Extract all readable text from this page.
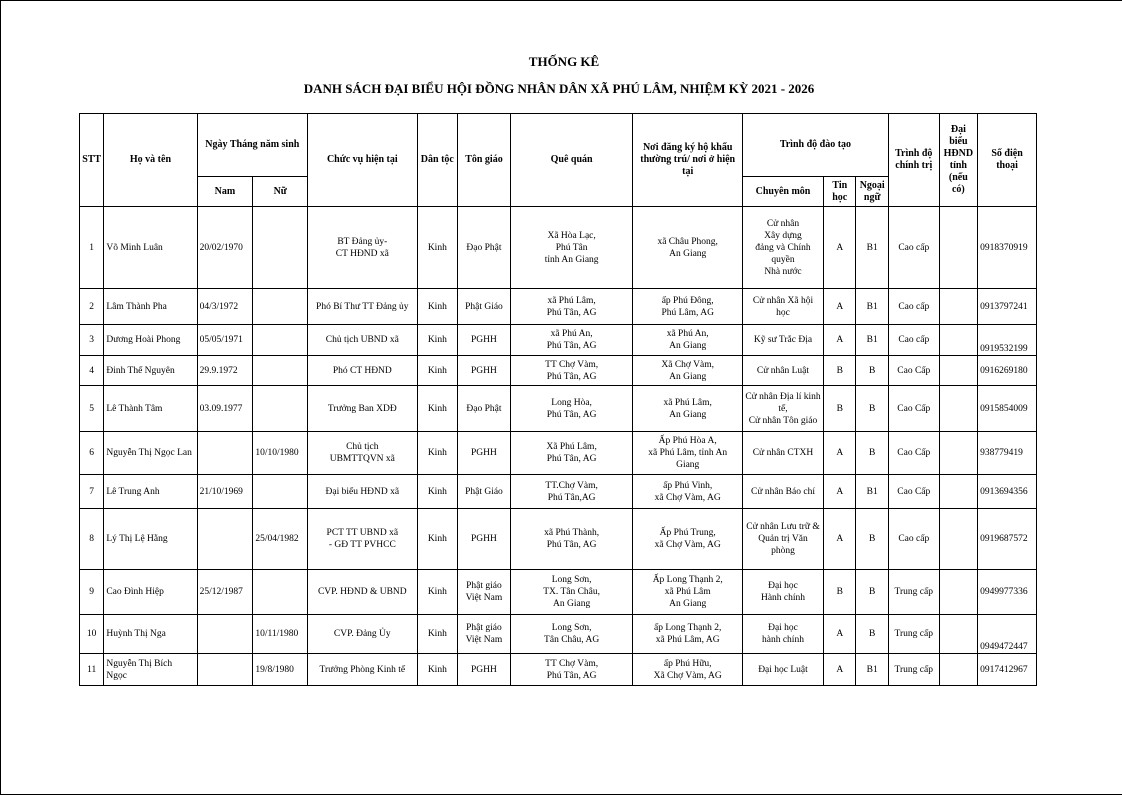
THỐNG KÊ
DANH SÁCH ĐẠI BIỂU HỘI ĐỒNG NHÂN DÂN XÃ PHÚ LÂM, NHIỆM KỲ 2021 - 2026
STT	Họ và tên	Ngày Tháng năm sinh		Chức vụ hiện tại	Dân tộc	Tôn giáo	Quê quán	Nơi đăng ký hộ khẩu thường trú/ nơi ở hiện tại	Trình độ đào tạo			Trình độ chính trị	Đại biểu HĐND tỉnh (nếu có)	Số điện thoại
		Nam	Nữ						Chuyên môn	Tin học	Ngoại ngữ			
1	Võ Minh Luân	20/02/1970		BT Đảng ủy-
CT HĐND xã	Kinh	Đạo Phật	Xã Hòa Lạc,
Phú Tân
tỉnh An Giang	xã Châu Phong,
An Giang	Cử nhân
Xây dựng
đảng và Chính
quyền
Nhà nước	A	B1	Cao cấp		0918370919
2	Lâm Thành Pha	04/3/1972		Phó Bí Thư TT Đảng ủy	Kinh	Phật Giáo	xã Phú Lâm,
Phú Tân, AG	ấp Phú Đông,
Phú Lâm, AG	Cử nhân Xã hội
học	A	B1	Cao cấp		0913797241
3	Dương Hoài Phong	05/05/1971		Chủ tịch UBND xã	Kinh	PGHH	xã Phú An,
Phú Tân, AG	xã Phú An,
An Giang	Kỹ sư Trắc Địa	A	B1	Cao cấp		0919532199
4	Đinh Thế Nguyên	29.9.1972		Phó CT HĐND	Kinh	PGHH	TT Chợ Vàm,
Phú Tân, AG	Xã Chợ Vàm,
An Giang	Cử nhân Luật	B	B	Cao Cấp		0916269180
5	Lê Thành Tâm	03.09.1977		Trưởng Ban XDĐ	Kinh	Đạo Phật	Long Hòa,
Phú Tân, AG	xã Phú Lâm,
An Giang	Cử nhân Địa lí kinh
tế,
Cử nhân Tôn giáo	B	B	Cao Cấp		0915854009
6	Nguyễn Thị Ngọc Lan		10/10/1980	Chủ tịch
UBMTTQVN xã	Kinh	PGHH	Xã Phú Lâm,
Phú Tân, AG	Ấp Phú Hòa A,
xã Phú Lâm, tỉnh An
Giang	Cử nhân CTXH	A	B	Cao Cấp		938779419
7	Lê Trung Anh	21/10/1969		Đại biểu HĐND xã	Kinh	Phật Giáo	TT.Chợ Vàm,
Phú Tân,AG	ấp Phú Vinh,
xã Chợ Vàm, AG	Cử nhân Báo chí	A	B1	Cao Cấp		0913694356
8	Lý Thị Lệ Hằng		25/04/1982	PCT TT UBND xã
- GĐ TT PVHCC	Kinh	PGHH	xã Phú Thành,
Phú Tân, AG	Ấp Phú Trung,
xã Chợ Vàm, AG	Cử nhân Lưu trữ &
Quản trị Văn
phòng	A	B	Cao cấp		0919687572
9	Cao Đình Hiệp	25/12/1987		CVP. HĐND & UBND	Kinh	Phật giáo
Việt Nam	Long Sơn,
TX. Tân Châu,
An Giang	Ấp Long Thạnh 2,
xã Phú Lâm
An Giang	Đại học
Hành chính	B	B	Trung cấp		0949977336
10	Huỳnh Thị Nga		10/11/1980	CVP. Đảng Ủy	Kinh	Phật giáo
Việt Nam	Long Sơn,
Tân Châu, AG	ấp Long Thạnh 2,
xã Phú Lâm, AG	Đại học
hành chính	A	B	Trung cấp		0949472447
11	Nguyễn Thị Bích
Ngọc		19/8/1980	Trưởng Phòng Kinh tế	Kinh	PGHH	TT Chợ Vàm,
Phú Tân, AG	ấp Phú Hữu,
Xã Chợ Vàm, AG	Đại học Luật	A	B1	Trung cấp		0917412967
